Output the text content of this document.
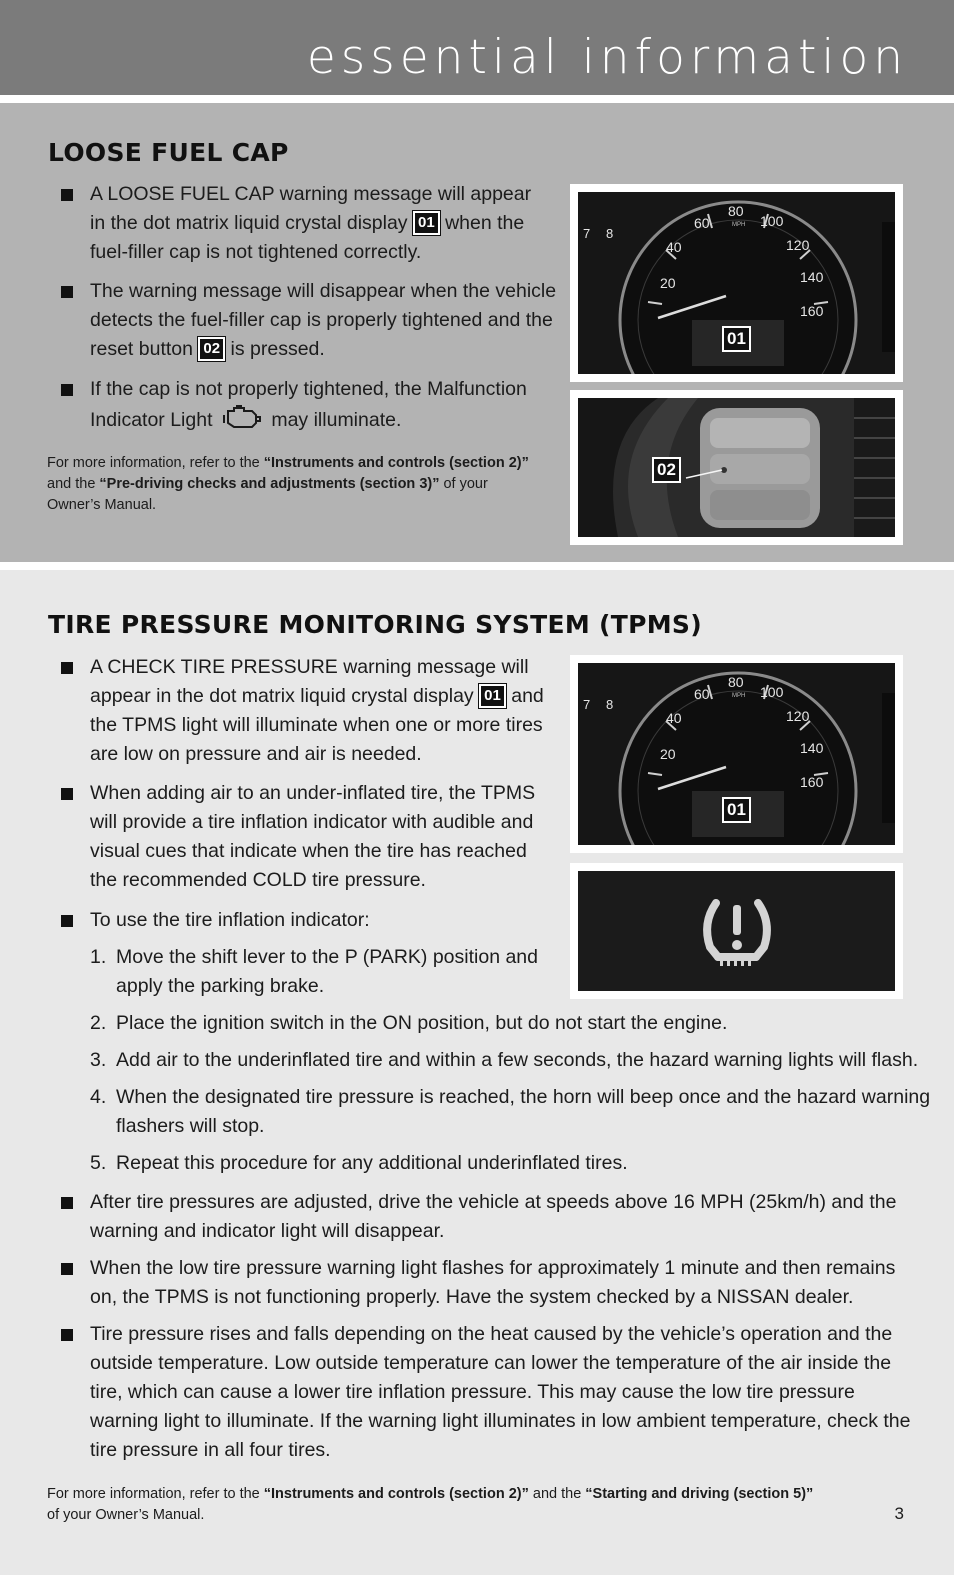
essential information
LOOSE FUEL CAP
A LOOSE FUEL CAP warning message will appear
in the dot matrix liquid crystal display 01 when the
fuel-filler cap is not tightened correctly.
The warning message will disappear when the vehicle
detects the fuel-filler cap is properly tightened and the
reset button 02 is pressed.
If the cap is not properly tightened, the Malfunction
Indicator Light	may illuminate.
For more information, refer to the “Instruments and controls (section 2)”
and the “Pre-driving checks and adjustments (section 3)” of your
Owner’s Manual.
20
40
60
80
MPH 100
120
140
160
7 8
01
02
TIRE PRESSURE MONITORING SYSTEM (TPMS)
A CHECK TIRE PRESSURE warning message will
appear in the dot matrix liquid crystal display 01 and
the TPMS light will illuminate when one or more tires
are low on pressure and air is needed.
When adding air to an under-inflated tire, the TPMS
will provide a tire inflation indicator with audible and
visual cues that indicate when the tire has reached
the recommended COLD tire pressure.
To use the tire inflation indicator:
1. Move the shift lever to the P (PARK) position and
apply the parking brake.
2. Place the ignition switch in the ON position, but do not start the engine.
3. Add air to the underinflated tire and within a few seconds, the hazard warning lights will flash.
4. When the designated tire pressure is reached, the horn will beep once and the hazard warning
flashers will stop.
5. Repeat this procedure for any additional underinflated tires.
After tire pressures are adjusted, drive the vehicle at speeds above 16 MPH (25km/h) and the
warning and indicator light will disappear.
When the low tire pressure warning light flashes for approximately 1 minute and then remains
on, the TPMS is not functioning properly. Have the system checked by a NISSAN dealer.
Tire pressure rises and falls depending on the heat caused by the vehicle’s operation and the
outside temperature. Low outside temperature can lower the temperature of the air inside the
tire, which can cause a lower tire inflation pressure. This may cause the low tire pressure
warning light to illuminate. If the warning light illuminates in low ambient temperature, check the
tire pressure in all four tires.
For more information, refer to the “Instruments and controls (section 2)” and the “Starting and driving (section 5)”
of your Owner’s Manual.	3
20
40
60
80
MPH 100
120
140
160
7 8
01
